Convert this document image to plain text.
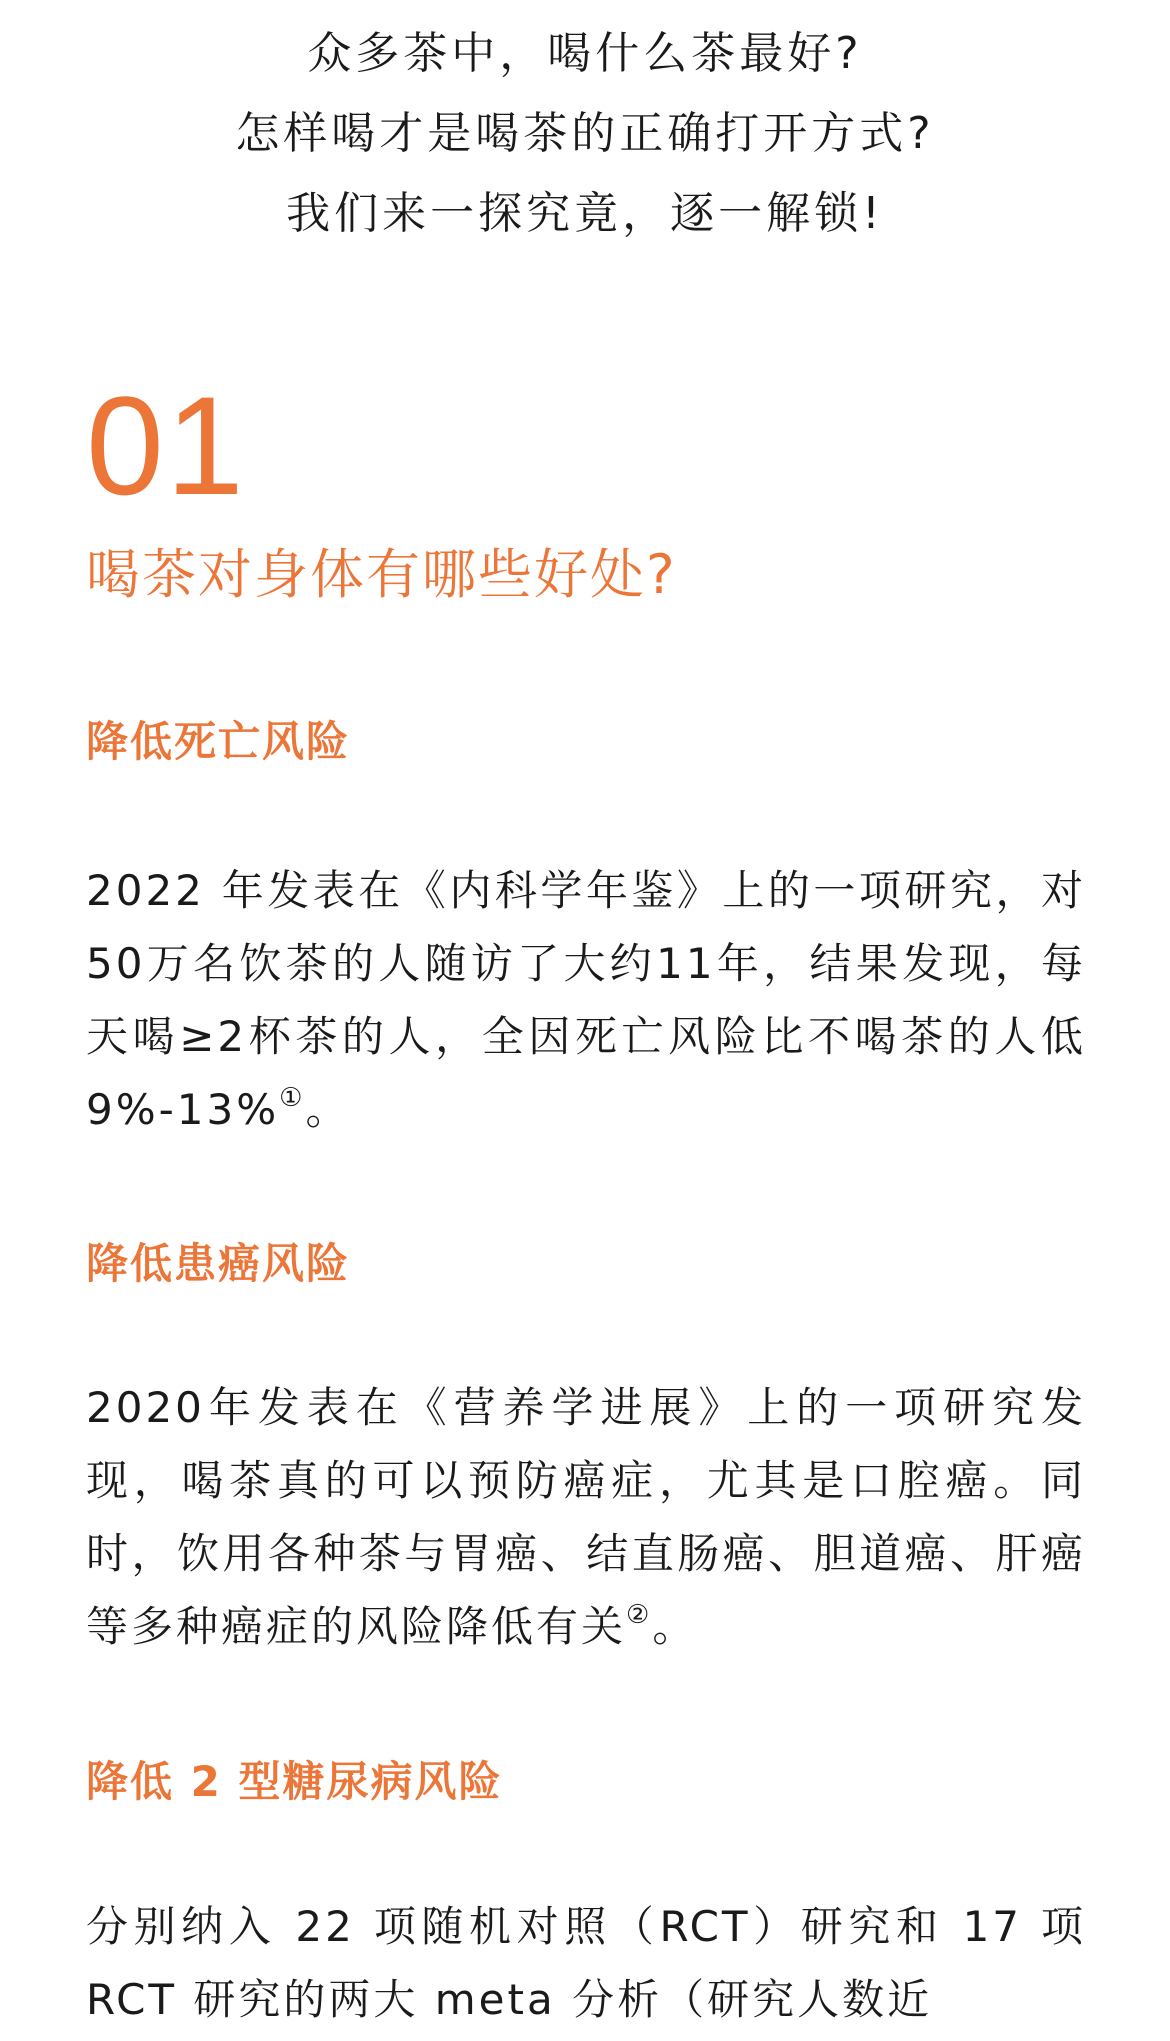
众多茶中，喝什么茶最好?
怎样喝才是喝茶的正确打开方式?
我们来一探究竟，逐一解锁!
01
喝茶对身体有哪些好处?
降低死亡风险
2022 年发表在《内科学年鉴》上的一项研究，对50万名饮茶的人随访了大约11年，结果发现，每天喝≥2杯茶的人，全因死亡风险比不喝茶的人低9%-13%①。
降低患癌风险
2020年发表在《营养学进展》上的一项研究发现，喝茶真的可以预防癌症，尤其是口腔癌。同时，饮用各种茶与胃癌、结直肠癌、胆道癌、肝癌等多种癌症的风险降低有关②。
降低 2 型糖尿病风险
分别纳入 22 项随机对照（RCT）研究和 17 项 RCT 研究的两大 meta 分析（研究人数近
